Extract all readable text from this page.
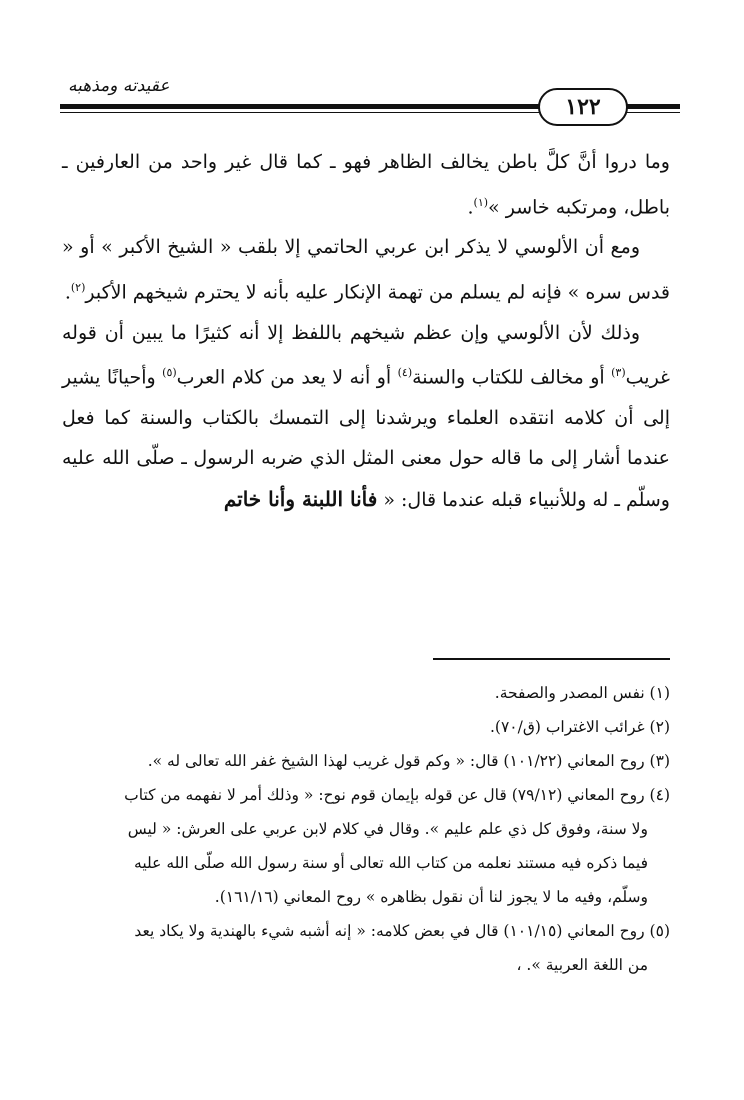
عقيدته ومذهبه
١٢٢

وما دروا أنَّ كلَّ باطن يخالف الظاهر فهو ـ كما قال غير واحد من العارفين ـ باطل، ومرتكبه خاسر »$^{(١)}$.

ومع أن الألوسي لا يذكر ابن عربي الحاتمي إلا بلقب « الشيخ الأكبر » أو « قدس سره » فإنه لم يسلم من تهمة الإنكار عليه بأنه لا يحترم شيخهم الأكبر$^{(٢)}$.

وذلك لأن الألوسي وإن عظم شيخهم باللفظ إلا أنه كثيرًا ما يبين أن قوله غريب$^{(٣)}$ أو مخالف للكتاب والسنة$^{(٤)}$ أو أنه لا يعد من كلام العرب$^{(٥)}$ وأحيانًا يشير إلى أن كلامه انتقده العلماء ويرشدنا إلى التمسك بالكتاب والسنة كما فعل عندما أشار إلى ما قاله حول معنى المثل الذي ضربه الرسول ـ صلّى الله عليه وسلّم ـ له وللأنبياء قبله عندما قال: « فأنا اللبنة وأنا خاتم

(١) نفس المصدر والصفحة.

(٢) غرائب الاغتراب (ق/٧٠).

(٣) روح المعاني (١٠١/٢٢) قال: « وكم قول غريب لهذا الشيخ غفر الله تعالى له ».

(٤) روح المعاني (٧٩/١٢) قال عن قوله بإيمان قوم نوح: « وذلك أمر لا نفهمه من كتاب

ولا سنة، وفوق كل ذي علم عليم ». وقال في كلام لابن عربي على العرش: « ليس

فيما ذكره فيه مستند نعلمه من كتاب الله تعالى أو سنة رسول الله صلّى الله عليه

وسلّم، وفيه ما لا يجوز لنا أن نقول بظاهره » روح المعاني (١٦١/١٦).

(٥) روح المعاني (١٠١/١٥) قال في بعض كلامه: « إنه أشبه شيء بالهندية ولا يكاد يعد

من اللغة العربية ». ،
